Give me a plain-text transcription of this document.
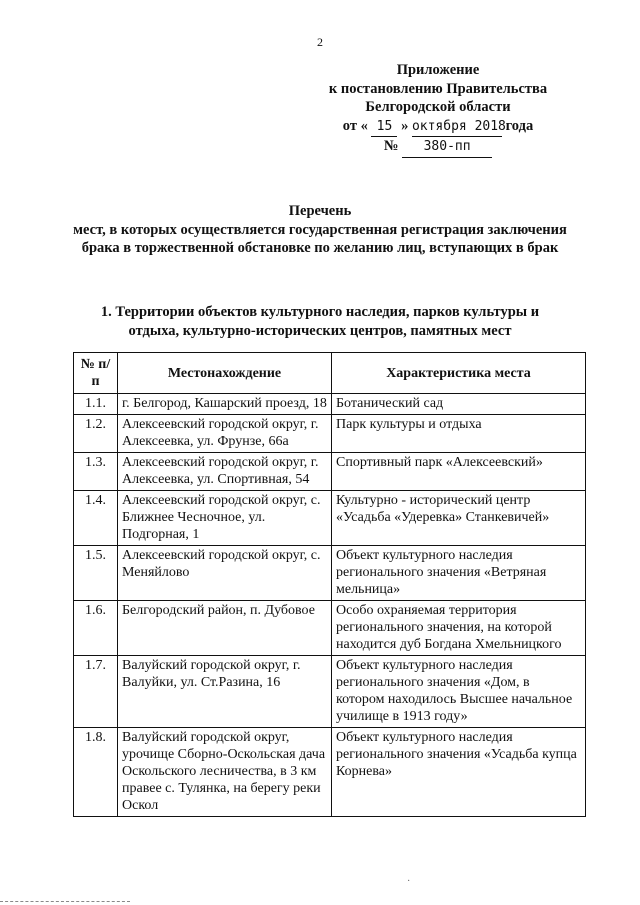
2
Приложение
к постановлению Правительства
Белгородской области
от « 15 » октября 2018 года
№ 380-пп
Перечень
мест, в которых осуществляется государственная регистрация заключения
брака в торжественной обстановке по желанию лиц, вступающих в брак
1. Территории объектов культурного наследия, парков культуры и
отдыха, культурно-исторических центров, памятных мест
№ п/п	Местонахождение	Характеристика места
1.1.	г. Белгород, Кашарский проезд, 18	Ботанический сад
1.2.	Алексеевский городской округ, г. Алексеевка, ул. Фрунзе, 66а	Парк культуры и отдыха
1.3.	Алексеевский городской округ, г. Алексеевка, ул. Спортивная, 54	Спортивный парк «Алексеевский»
1.4.	Алексеевский городской округ, с. Ближнее Чесночное, ул. Подгорная, 1	Культурно - исторический центр «Усадьба «Удеревка» Станкевичей»
1.5.	Алексеевский городской округ, с. Меняйлово	Объект культурного наследия регионального значения «Ветряная мельница»
1.6.	Белгородский район, п. Дубовое	Особо охраняемая территория регионального значения, на которой находится дуб Богдана Хмельницкого
1.7.	Валуйский городской округ, г. Валуйки, ул. Ст.Разина, 16	Объект культурного наследия регионального значения «Дом, в котором находилось Высшее начальное училище в 1913 году»
1.8.	Валуйский городской округ, урочище Сборно-Оскольская дача Оскольского лесничества, в 3 км правее с. Тулянка, на берегу реки Оскол	Объект культурного наследия регионального значения «Усадьба купца Корнева»
·
